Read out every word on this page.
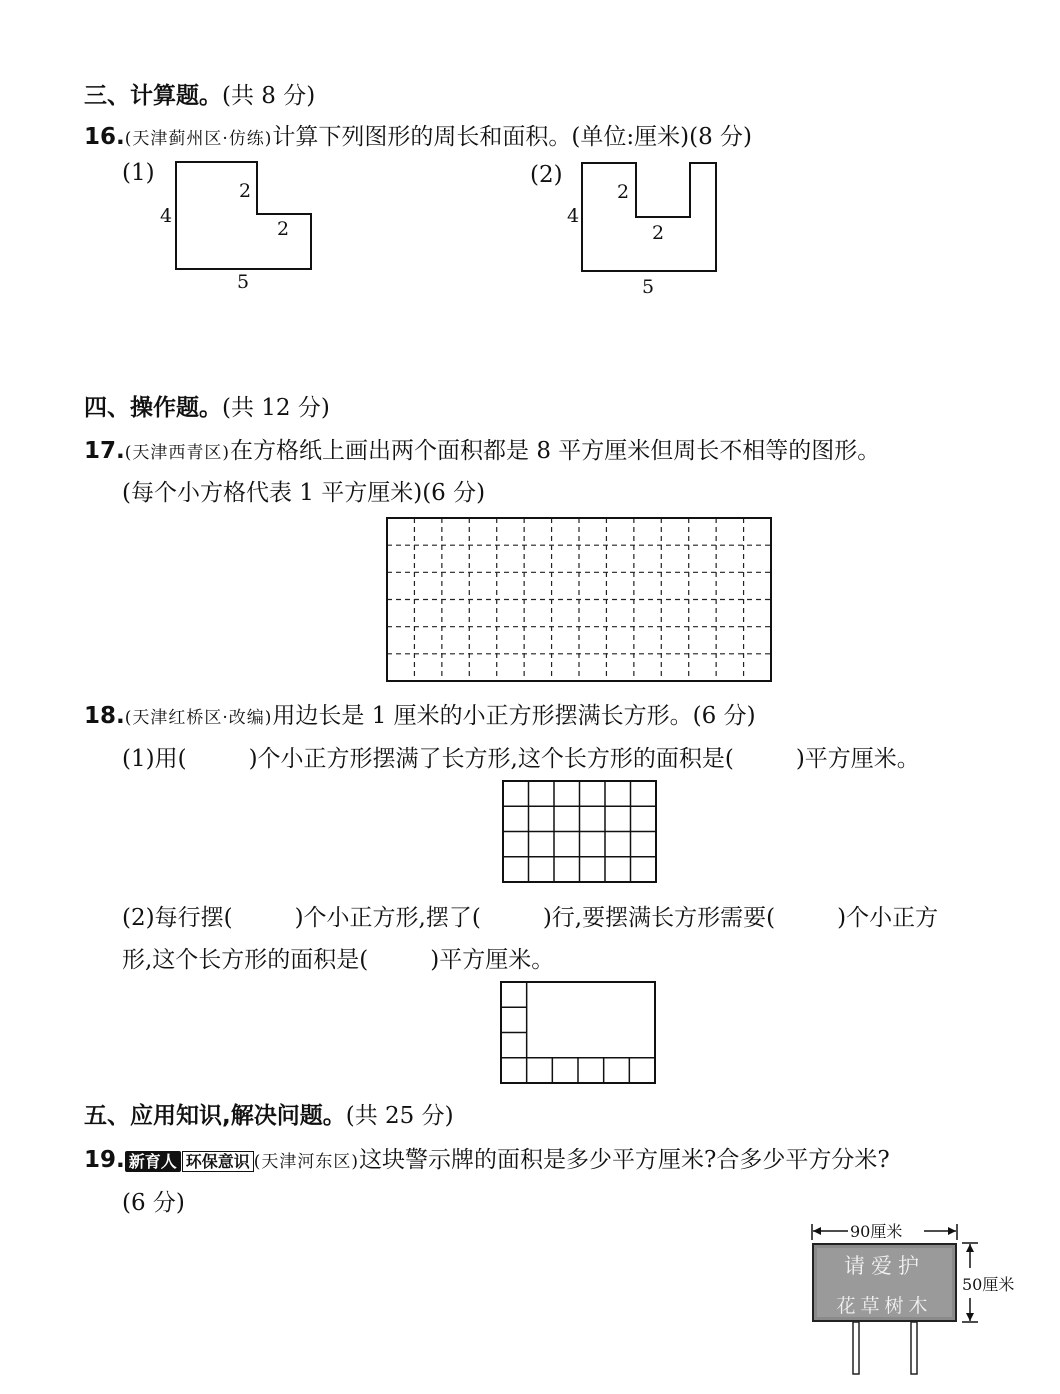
三、计算题。(共 8 分)
16.(天津蓟州区·仿练)计算下列图形的周长和面积。(单位:厘米)(8 分)
(1)
4
2
2
5
(2)
4
2
2
5
四、操作题。(共 12 分)
17.(天津西青区)在方格纸上画出两个面积都是 8 平方厘米但周长不相等的图形。
(每个小方格代表 1 平方厘米)(6 分)
18.(天津红桥区·改编)用边长是 1 厘米的小正方形摆满长方形。(6 分)
(1)用(	)个小正方形摆满了长方形,这个长方形的面积是(	)平方厘米。
(2)每行摆(	)个小正方形,摆了(	)行,要摆满长方形需要(	)个小正方
形,这个长方形的面积是(	)平方厘米。
五、应用知识,解决问题。(共 25 分)
19. 新育人 环保意识 (天津河东区)这块警示牌的面积是多少平方厘米?合多少平方分米?
(6 分)
90厘米
50厘米
请爱护
花草树木
